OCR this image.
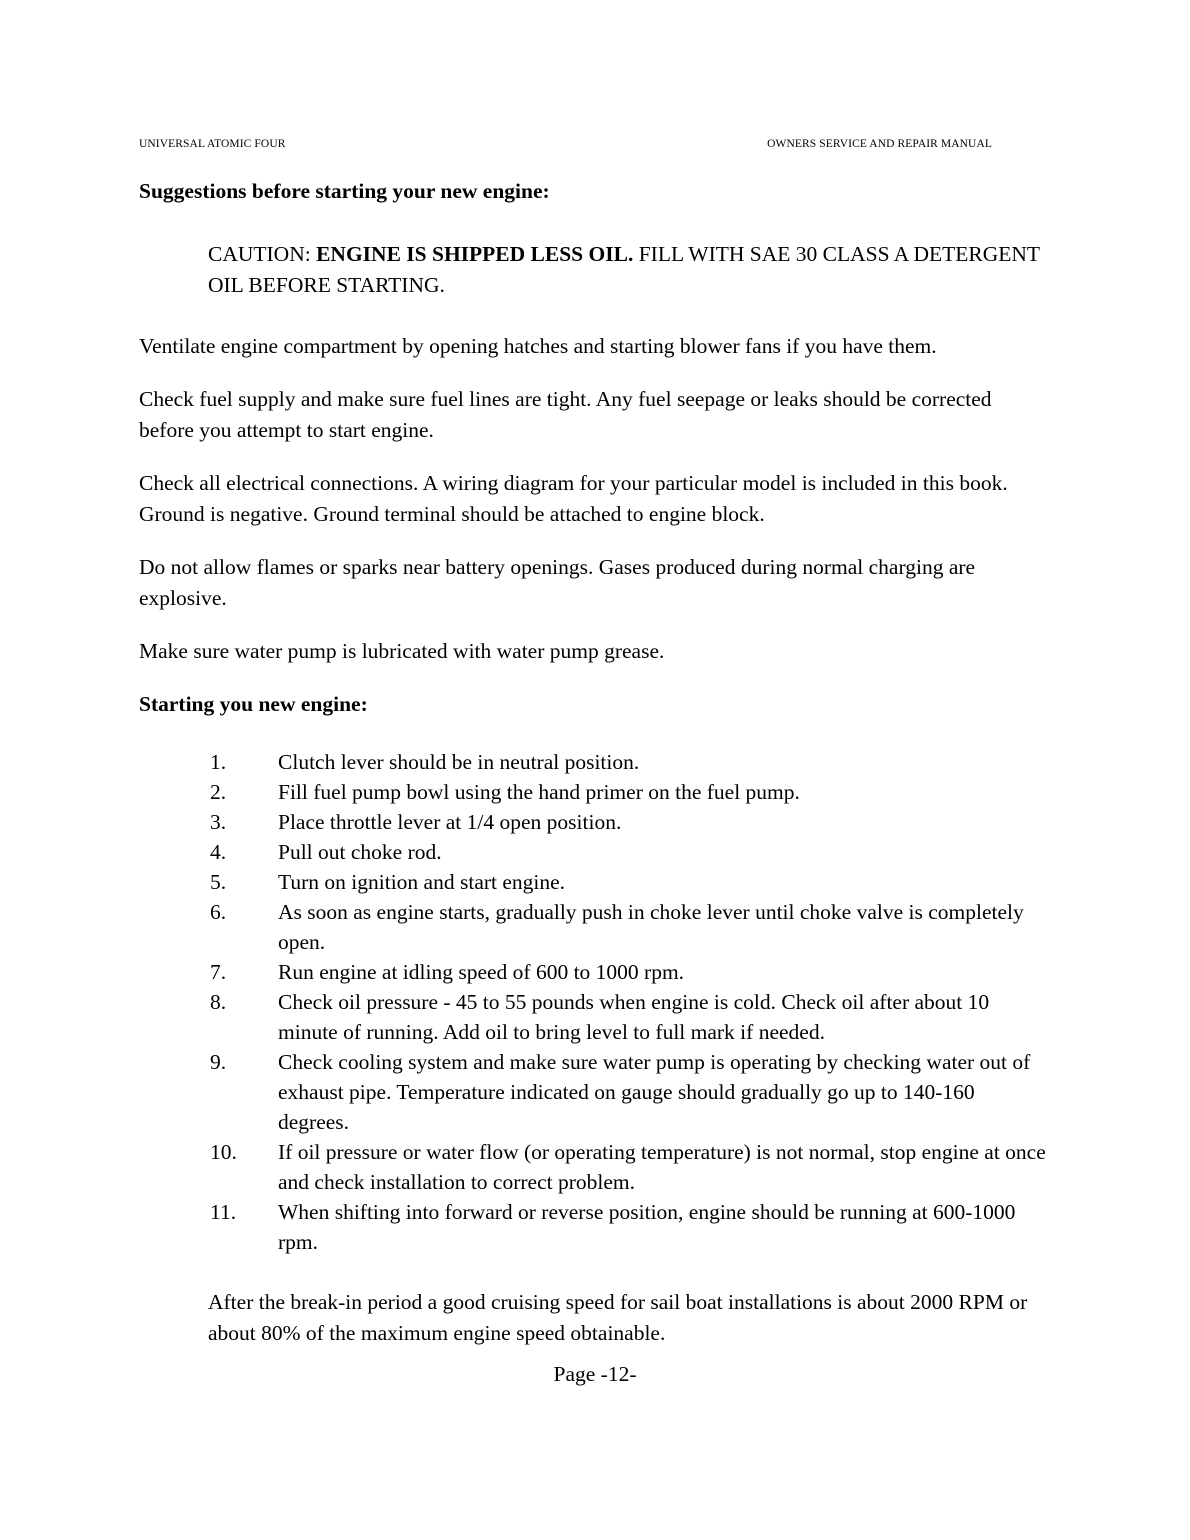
UNIVERSAL ATOMIC FOUR	OWNERS SERVICE AND REPAIR MANUAL
Suggestions before starting your new engine:
CAUTION: ENGINE IS SHIPPED LESS OIL. FILL WITH SAE 30 CLASS A DETERGENT OIL BEFORE STARTING.

Ventilate engine compartment by opening hatches and starting blower fans if you have them.

Check fuel supply and make sure fuel lines are tight. Any fuel seepage or leaks should be corrected before you attempt to start engine.

Check all electrical connections. A wiring diagram for your particular model is included in this book. Ground is negative. Ground terminal should be attached to engine block.

Do not allow flames or sparks near battery openings. Gases produced during normal charging are explosive.

Make sure water pump is lubricated with water pump grease.

Starting you new engine:
1.	Clutch lever should be in neutral position.
2.	Fill fuel pump bowl using the hand primer on the fuel pump.
3.	Place throttle lever at 1/4 open position.
4.	Pull out choke rod.
5.	Turn on ignition and start engine.
6.	As soon as engine starts, gradually push in choke lever until choke valve is completely open.
7.	Run engine at idling speed of 600 to 1000 rpm.
8.	Check oil pressure - 45 to 55 pounds when engine is cold. Check oil after about 10 minute of running. Add oil to bring level to full mark if needed.
9.	Check cooling system and make sure water pump is operating by checking water out of exhaust pipe. Temperature indicated on gauge should gradually go up to 140-160 degrees.
10.	If oil pressure or water flow (or operating temperature) is not normal, stop engine at once and check installation to correct problem.
11.	When shifting into forward or reverse position, engine should be running at 600-1000 rpm.

After the break-in period a good cruising speed for sail boat installations is about 2000 RPM or about 80% of the maximum engine speed obtainable.

Page -12-
